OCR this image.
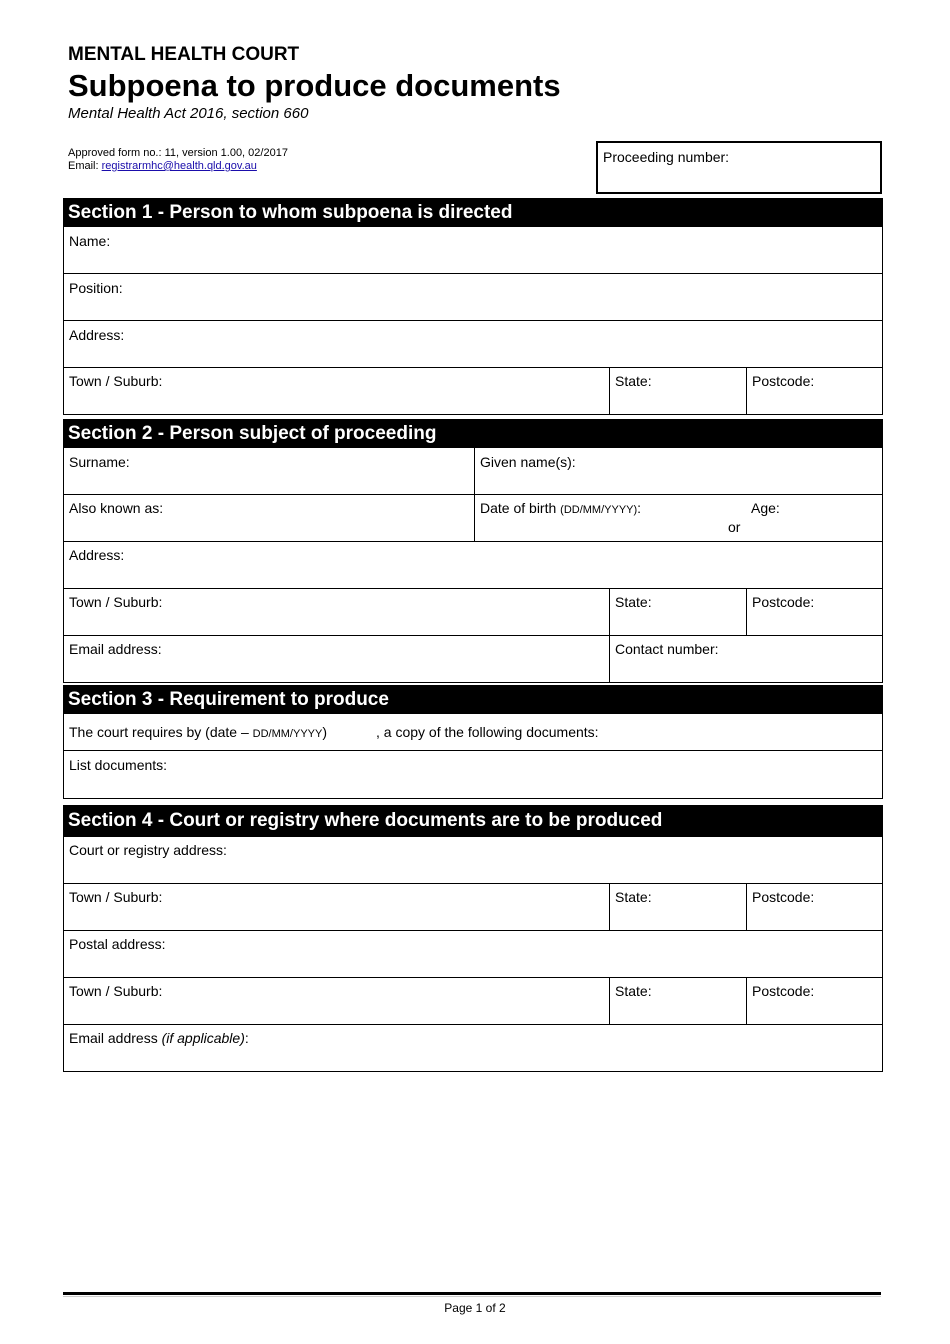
MENTAL HEALTH COURT
Subpoena to produce documents
Mental Health Act 2016, section 660
Approved form no.: 11, version 1.00, 02/2017
Email: registrarmhc@health.qld.gov.au
Proceeding number:
Section 1 - Person to whom subpoena is directed
Name:
Position:
Address:
Town / Suburb:	State:	Postcode:
Section 2 - Person subject of proceeding
Surname:	Given name(s):
Also known as:	Date of birth (DD/MM/YYYY):	Age:
or
Address:
Town / Suburb:	State:	Postcode:
Email address:	Contact number:
Section 3 - Requirement to produce
The court requires by (date – DD/MM/YYYY)	, a copy of the following documents:
List documents:
Section 4 - Court or registry where documents are to be produced
Court or registry address:
Town / Suburb:	State:	Postcode:
Postal address:
Town / Suburb:	State:	Postcode:
Email address (if applicable):
Page 1 of 2
